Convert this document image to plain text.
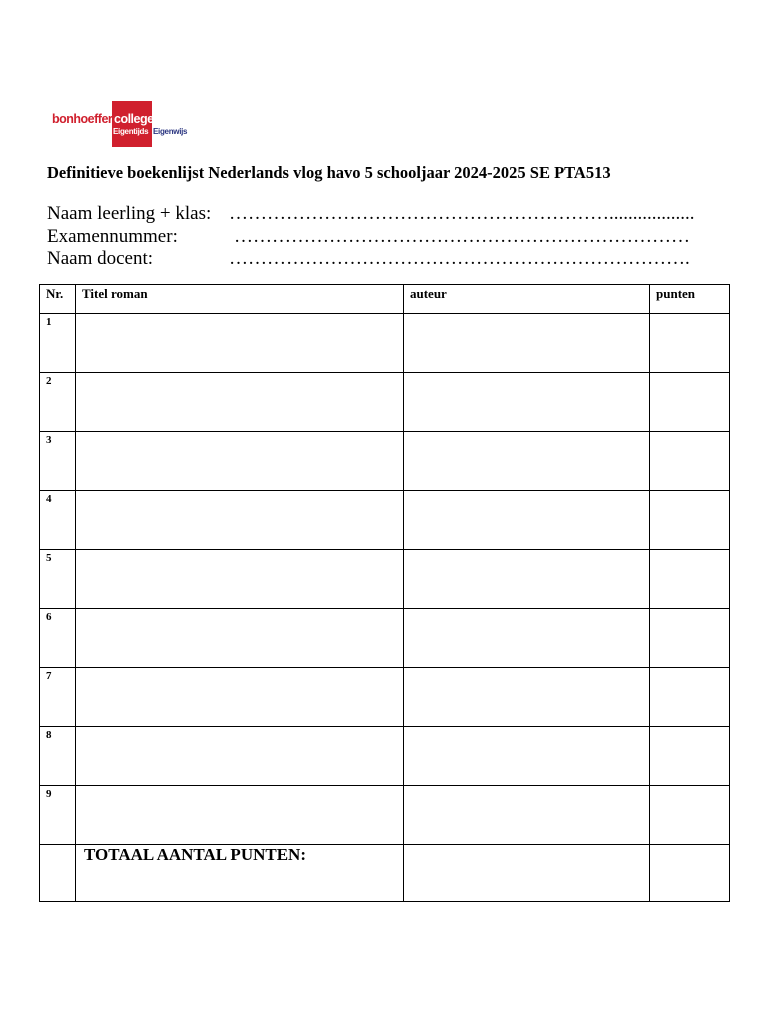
bonhoeffer college
Eigentijds Eigenwijs
Definitieve boekenlijst Nederlands vlog havo 5 schooljaar 2024-2025 SE PTA513
Naam leerling + klas: ……………………………………………………..................
Examennummer:	………………………………………………………………
Naam docent:	……………………………………………………………….
Nr.	Titel roman	auteur	punten
1			
2			
3			
4			
5			
6			
7			
8			
9			
	TOTAAL AANTAL PUNTEN:		
